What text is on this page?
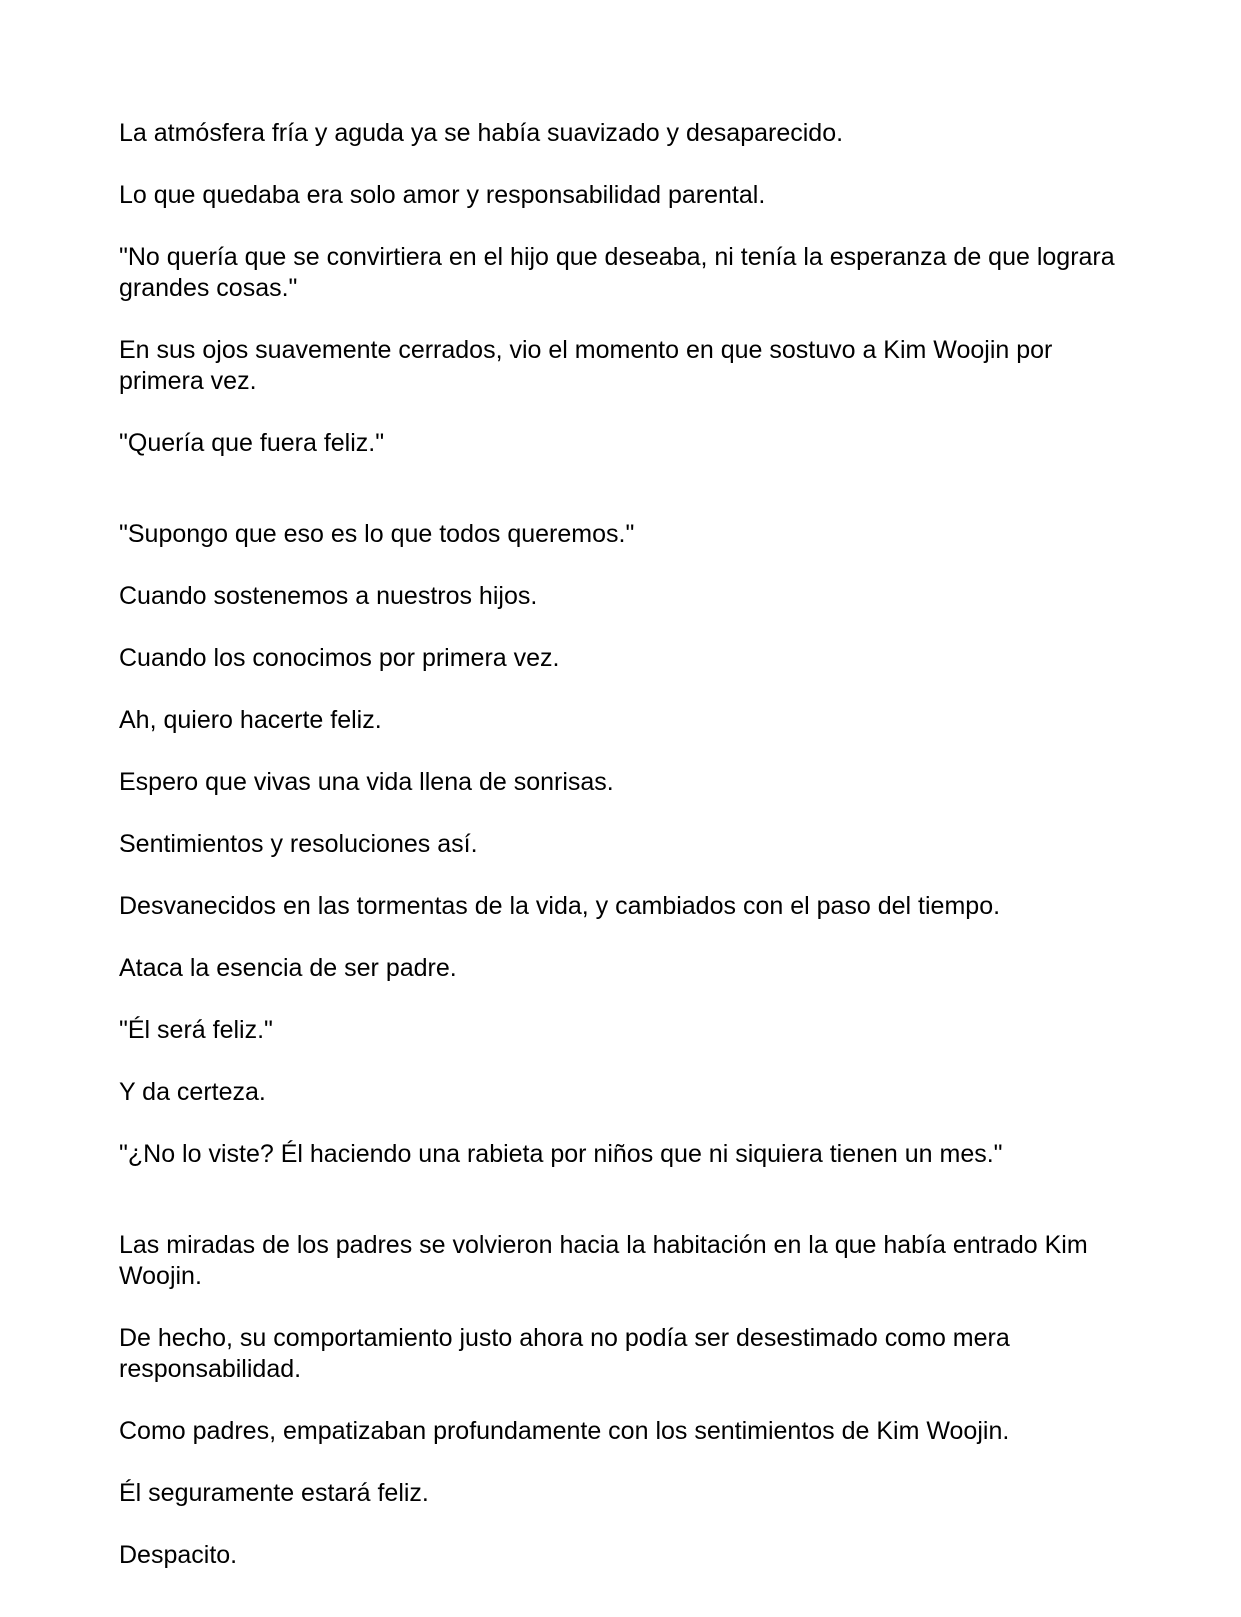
La atmósfera fría y aguda ya se había suavizado y desaparecido.

Lo que quedaba era solo amor y responsabilidad parental.

"No quería que se convirtiera en el hijo que deseaba, ni tenía la esperanza de que lograra grandes cosas."

En sus ojos suavemente cerrados, vio el momento en que sostuvo a Kim Woojin por primera vez.

"Quería que fuera feliz."

"Supongo que eso es lo que todos queremos."

Cuando sostenemos a nuestros hijos.

Cuando los conocimos por primera vez.

Ah, quiero hacerte feliz.

Espero que vivas una vida llena de sonrisas.

Sentimientos y resoluciones así.

Desvanecidos en las tormentas de la vida, y cambiados con el paso del tiempo.

Ataca la esencia de ser padre.

"Él será feliz."

Y da certeza.

"¿No lo viste? Él haciendo una rabieta por niños que ni siquiera tienen un mes."

Las miradas de los padres se volvieron hacia la habitación en la que había entrado Kim Woojin.

De hecho, su comportamiento justo ahora no podía ser desestimado como mera responsabilidad.

Como padres, empatizaban profundamente con los sentimientos de Kim Woojin.

Él seguramente estará feliz.

Despacito.
